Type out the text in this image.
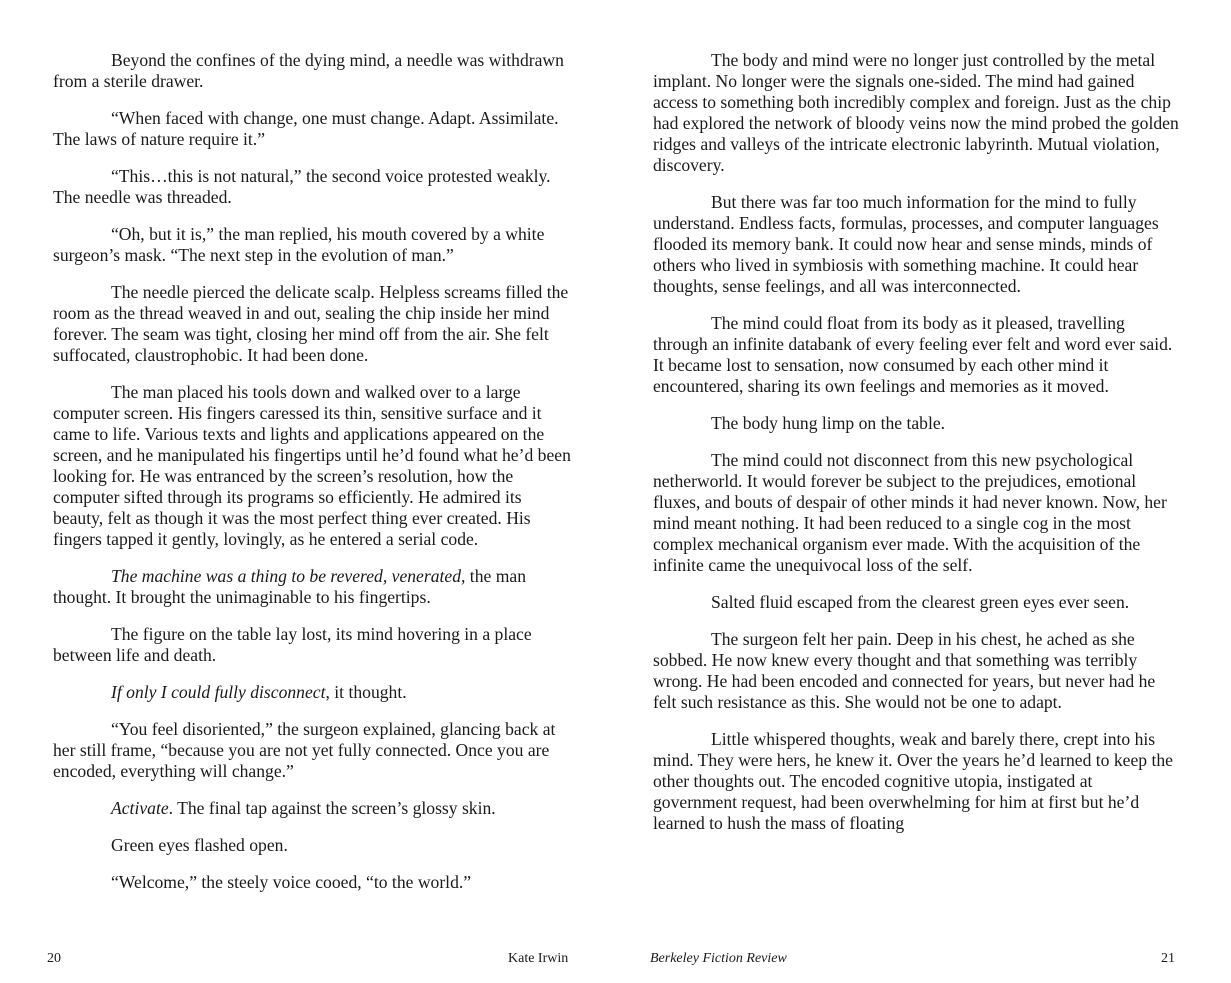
Beyond the confines of the dying mind, a needle was withdrawn from a sterile drawer.

“When faced with change, one must change. Adapt. Assimilate. The laws of nature require it.”

“This…this is not natural,” the second voice protested weakly. The needle was threaded.

“Oh, but it is,” the man replied, his mouth covered by a white surgeon’s mask. “The next step in the evolution of man.”

The needle pierced the delicate scalp. Helpless screams filled the room as the thread weaved in and out, sealing the chip inside her mind forever. The seam was tight, closing her mind off from the air. She felt suffocated, claustrophobic. It had been done.

The man placed his tools down and walked over to a large computer screen. His fingers caressed its thin, sensitive surface and it came to life. Various texts and lights and applications appeared on the screen, and he manipulated his fingertips until he’d found what he’d been looking for. He was entranced by the screen’s resolution, how the computer sifted through its programs so efficiently. He admired its beauty, felt as though it was the most perfect thing ever created. His fingers tapped it gently, lovingly, as he entered a serial code.

The machine was a thing to be revered, venerated, the man thought. It brought the unimaginable to his fingertips.

The figure on the table lay lost, its mind hovering in a place between life and death.

If only I could fully disconnect, it thought.

“You feel disoriented,” the surgeon explained, glancing back at her still frame, “because you are not yet fully connected. Once you are encoded, everything will change.”

Activate. The final tap against the screen’s glossy skin.

Green eyes flashed open.

“Welcome,” the steely voice cooed, “to the world.”

The body and mind were no longer just controlled by the metal implant. No longer were the signals one-sided. The mind had gained access to something both incredibly complex and foreign. Just as the chip had explored the network of bloody veins now the mind probed the golden ridges and valleys of the intricate electronic labyrinth. Mutual violation, discovery.

But there was far too much information for the mind to fully understand. Endless facts, formulas, processes, and computer languages flooded its memory bank. It could now hear and sense minds, minds of others who lived in symbiosis with something machine. It could hear thoughts, sense feelings, and all was interconnected.

The mind could float from its body as it pleased, travelling through an infinite databank of every feeling ever felt and word ever said. It became lost to sensation, now consumed by each other mind it encountered, sharing its own feelings and memories as it moved.

The body hung limp on the table.

The mind could not disconnect from this new psychological netherworld. It would forever be subject to the prejudices, emotional fluxes, and bouts of despair of other minds it had never known. Now, her mind meant nothing. It had been reduced to a single cog in the most complex mechanical organism ever made. With the acquisition of the infinite came the unequivocal loss of the self.

Salted fluid escaped from the clearest green eyes ever seen.

The surgeon felt her pain. Deep in his chest, he ached as she sobbed. He now knew every thought and that something was terribly wrong. He had been encoded and connected for years, but never had he felt such resistance as this. She would not be one to adapt.

Little whispered thoughts, weak and barely there, crept into his mind. They were hers, he knew it. Over the years he’d learned to keep the other thoughts out. The encoded cognitive utopia, instigated at government request, had been overwhelming for him at first but he’d learned to hush the mass of floating

20	Kate Irwin	Berkeley Fiction Review	21
